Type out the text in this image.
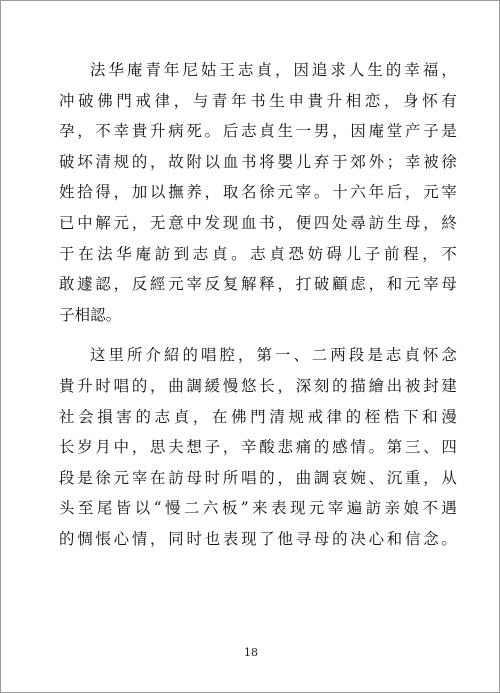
法华庵青年尼姑王志貞，因追求人生的幸福，
冲破佛門戒律，与青年书生申貴升相恋，身怀有
孕，不幸貴升病死。后志貞生一男，因庵堂产子是
破坏清规的，故附以血书将嬰儿弃于郊外；幸被徐
姓拾得，加以撫养，取名徐元宰。十六年后，元宰
已中解元，无意中发现血书，便四处尋訪生母，終
于在法华庵訪到志貞。志貞恐妨碍儿子前程，不
敢遽認，反經元宰反复解释，打破顧虑，和元宰母
子相認。
这里所介紹的唱腔，第一、二两段是志貞怀念
貴升时唱的，曲調緩慢悠长，深刻的描繪出被封建
社会損害的志貞，在佛門清规戒律的桎梏下和漫
长岁月中，思夫想子，辛酸悲痛的感情。第三、四
段是徐元宰在訪母时所唱的，曲調哀婉、沉重，从
头至尾皆以“慢二六板”来表现元宰遍訪亲娘不遇
的惆悵心情，同时也表现了他寻母的决心和信念。
18
